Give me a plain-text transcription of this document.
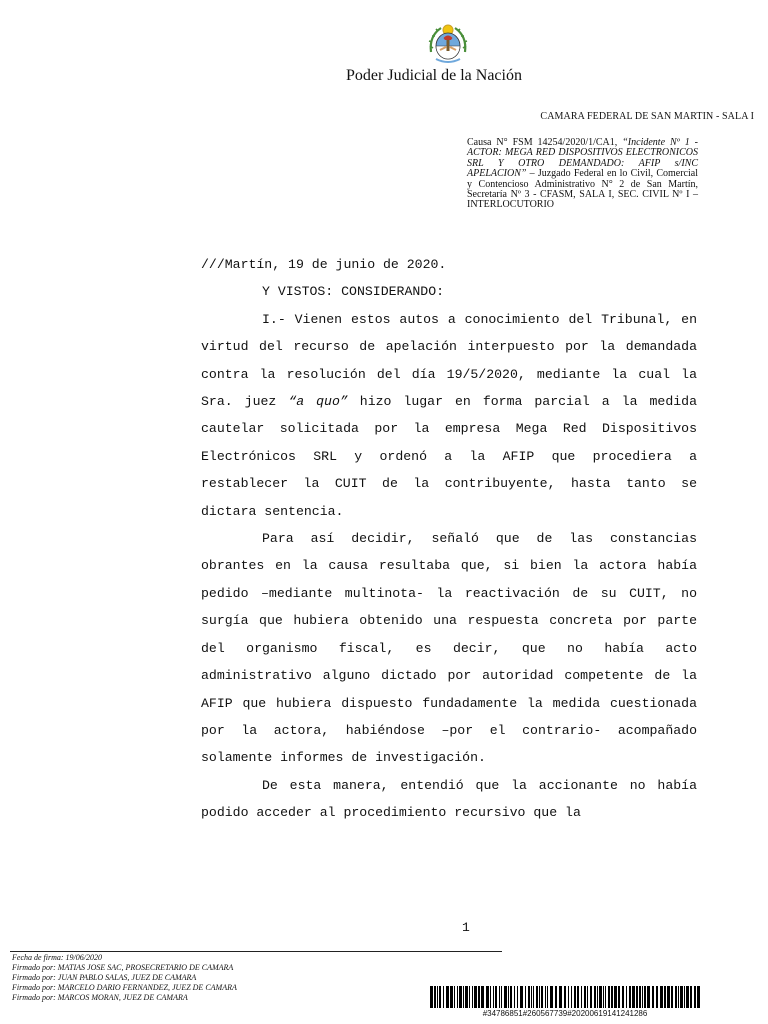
Poder Judicial de la Nación
CAMARA FEDERAL DE SAN MARTIN - SALA I
Causa N° FSM 14254/2020/1/CA1, “Incidente Nº 1 - ACTOR: MEGA RED DISPOSITIVOS ELECTRONICOS SRL Y OTRO DEMANDADO: AFIP s/INC APELACION” – Juzgado Federal en lo Civil, Comercial y Contencioso Administrativo N° 2 de San Martín, Secretaría Nº 3 - CFASM, SALA I, SEC. CIVIL Nº I – INTERLOCUTORIO

///Martín, 19 de junio de 2020.

Y VISTOS: CONSIDERANDO:

I.- Vienen estos autos a conocimiento del Tribunal, en virtud del recurso de apelación interpuesto por la demandada contra la resolución del día 19/5/2020, mediante la cual la Sra. juez “a quo” hizo lugar en forma parcial a la medida cautelar solicitada por la empresa Mega Red Dispositivos Electrónicos SRL y ordenó a la AFIP que procediera a restablecer la CUIT de la contribuyente, hasta tanto se dictara sentencia.

Para así decidir, señaló que de las constancias obrantes en la causa resultaba que, si bien la actora había pedido –mediante multinota- la reactivación de su CUIT, no surgía que hubiera obtenido una respuesta concreta por parte del organismo fiscal, es decir, que no había acto administrativo alguno dictado por autoridad competente de la AFIP que hubiera dispuesto fundadamente la medida cuestionada por la actora, habiéndose –por el contrario- acompañado solamente informes de investigación.

De esta manera, entendió que la accionante no había podido acceder al procedimiento recursivo que la

1
Fecha de firma: 19/06/2020
Firmado por: MATIAS JOSE SAC, PROSECRETARIO DE CAMARA
Firmado por: JUAN PABLO SALAS, JUEZ DE CAMARA
Firmado por: MARCELO DARIO FERNANDEZ, JUEZ DE CAMARA
Firmado por: MARCOS MORAN, JUEZ DE CAMARA
#34786851#260567739#20200619141241286
